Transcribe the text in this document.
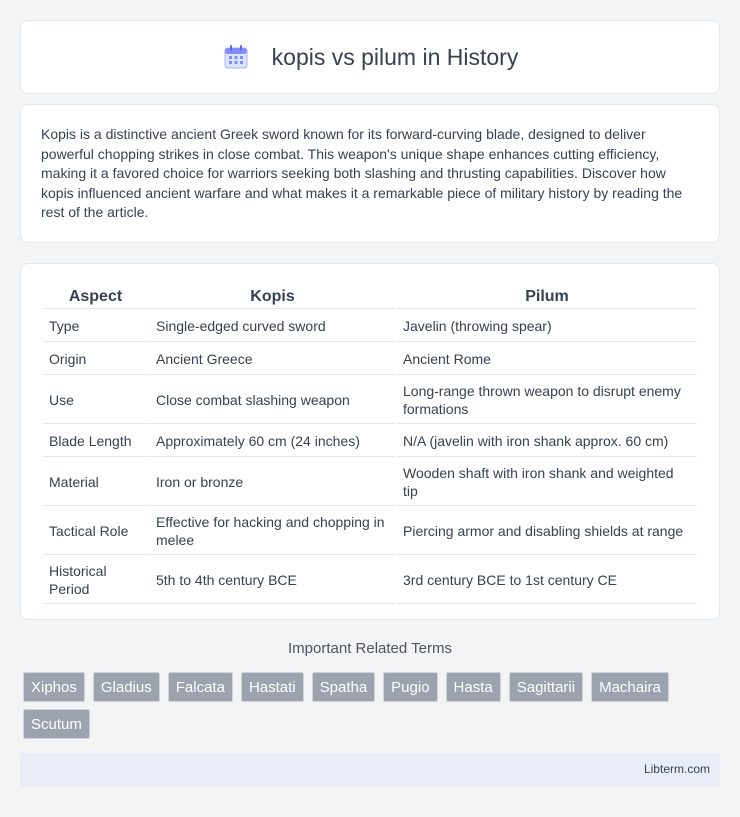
kopis vs pilum in History

Kopis is a distinctive ancient Greek sword known for its forward-curving blade, designed to deliver powerful chopping strikes in close combat. This weapon's unique shape enhances cutting efficiency, making it a favored choice for warriors seeking both slashing and thrusting capabilities. Discover how kopis influenced ancient warfare and what makes it a remarkable piece of military history by reading the rest of the article.

Aspect	Kopis	Pilum
Type	Single-edged curved sword	Javelin (throwing spear)
Origin	Ancient Greece	Ancient Rome
Use	Close combat slashing weapon	Long-range thrown weapon to disrupt enemy formations
Blade Length	Approximately 60 cm (24 inches)	N/A (javelin with iron shank approx. 60 cm)
Material	Iron or bronze	Wooden shaft with iron shank and weighted tip
Tactical Role	Effective for hacking and chopping in melee	Piercing armor and disabling shields at range
Historical Period	5th to 4th century BCE	3rd century BCE to 1st century CE
Important Related Terms
Xiphos	Gladius	Falcata	Hastati	Spatha	Pugio	Hasta	Sagittarii	Machaira
Scutum
Libterm.com
